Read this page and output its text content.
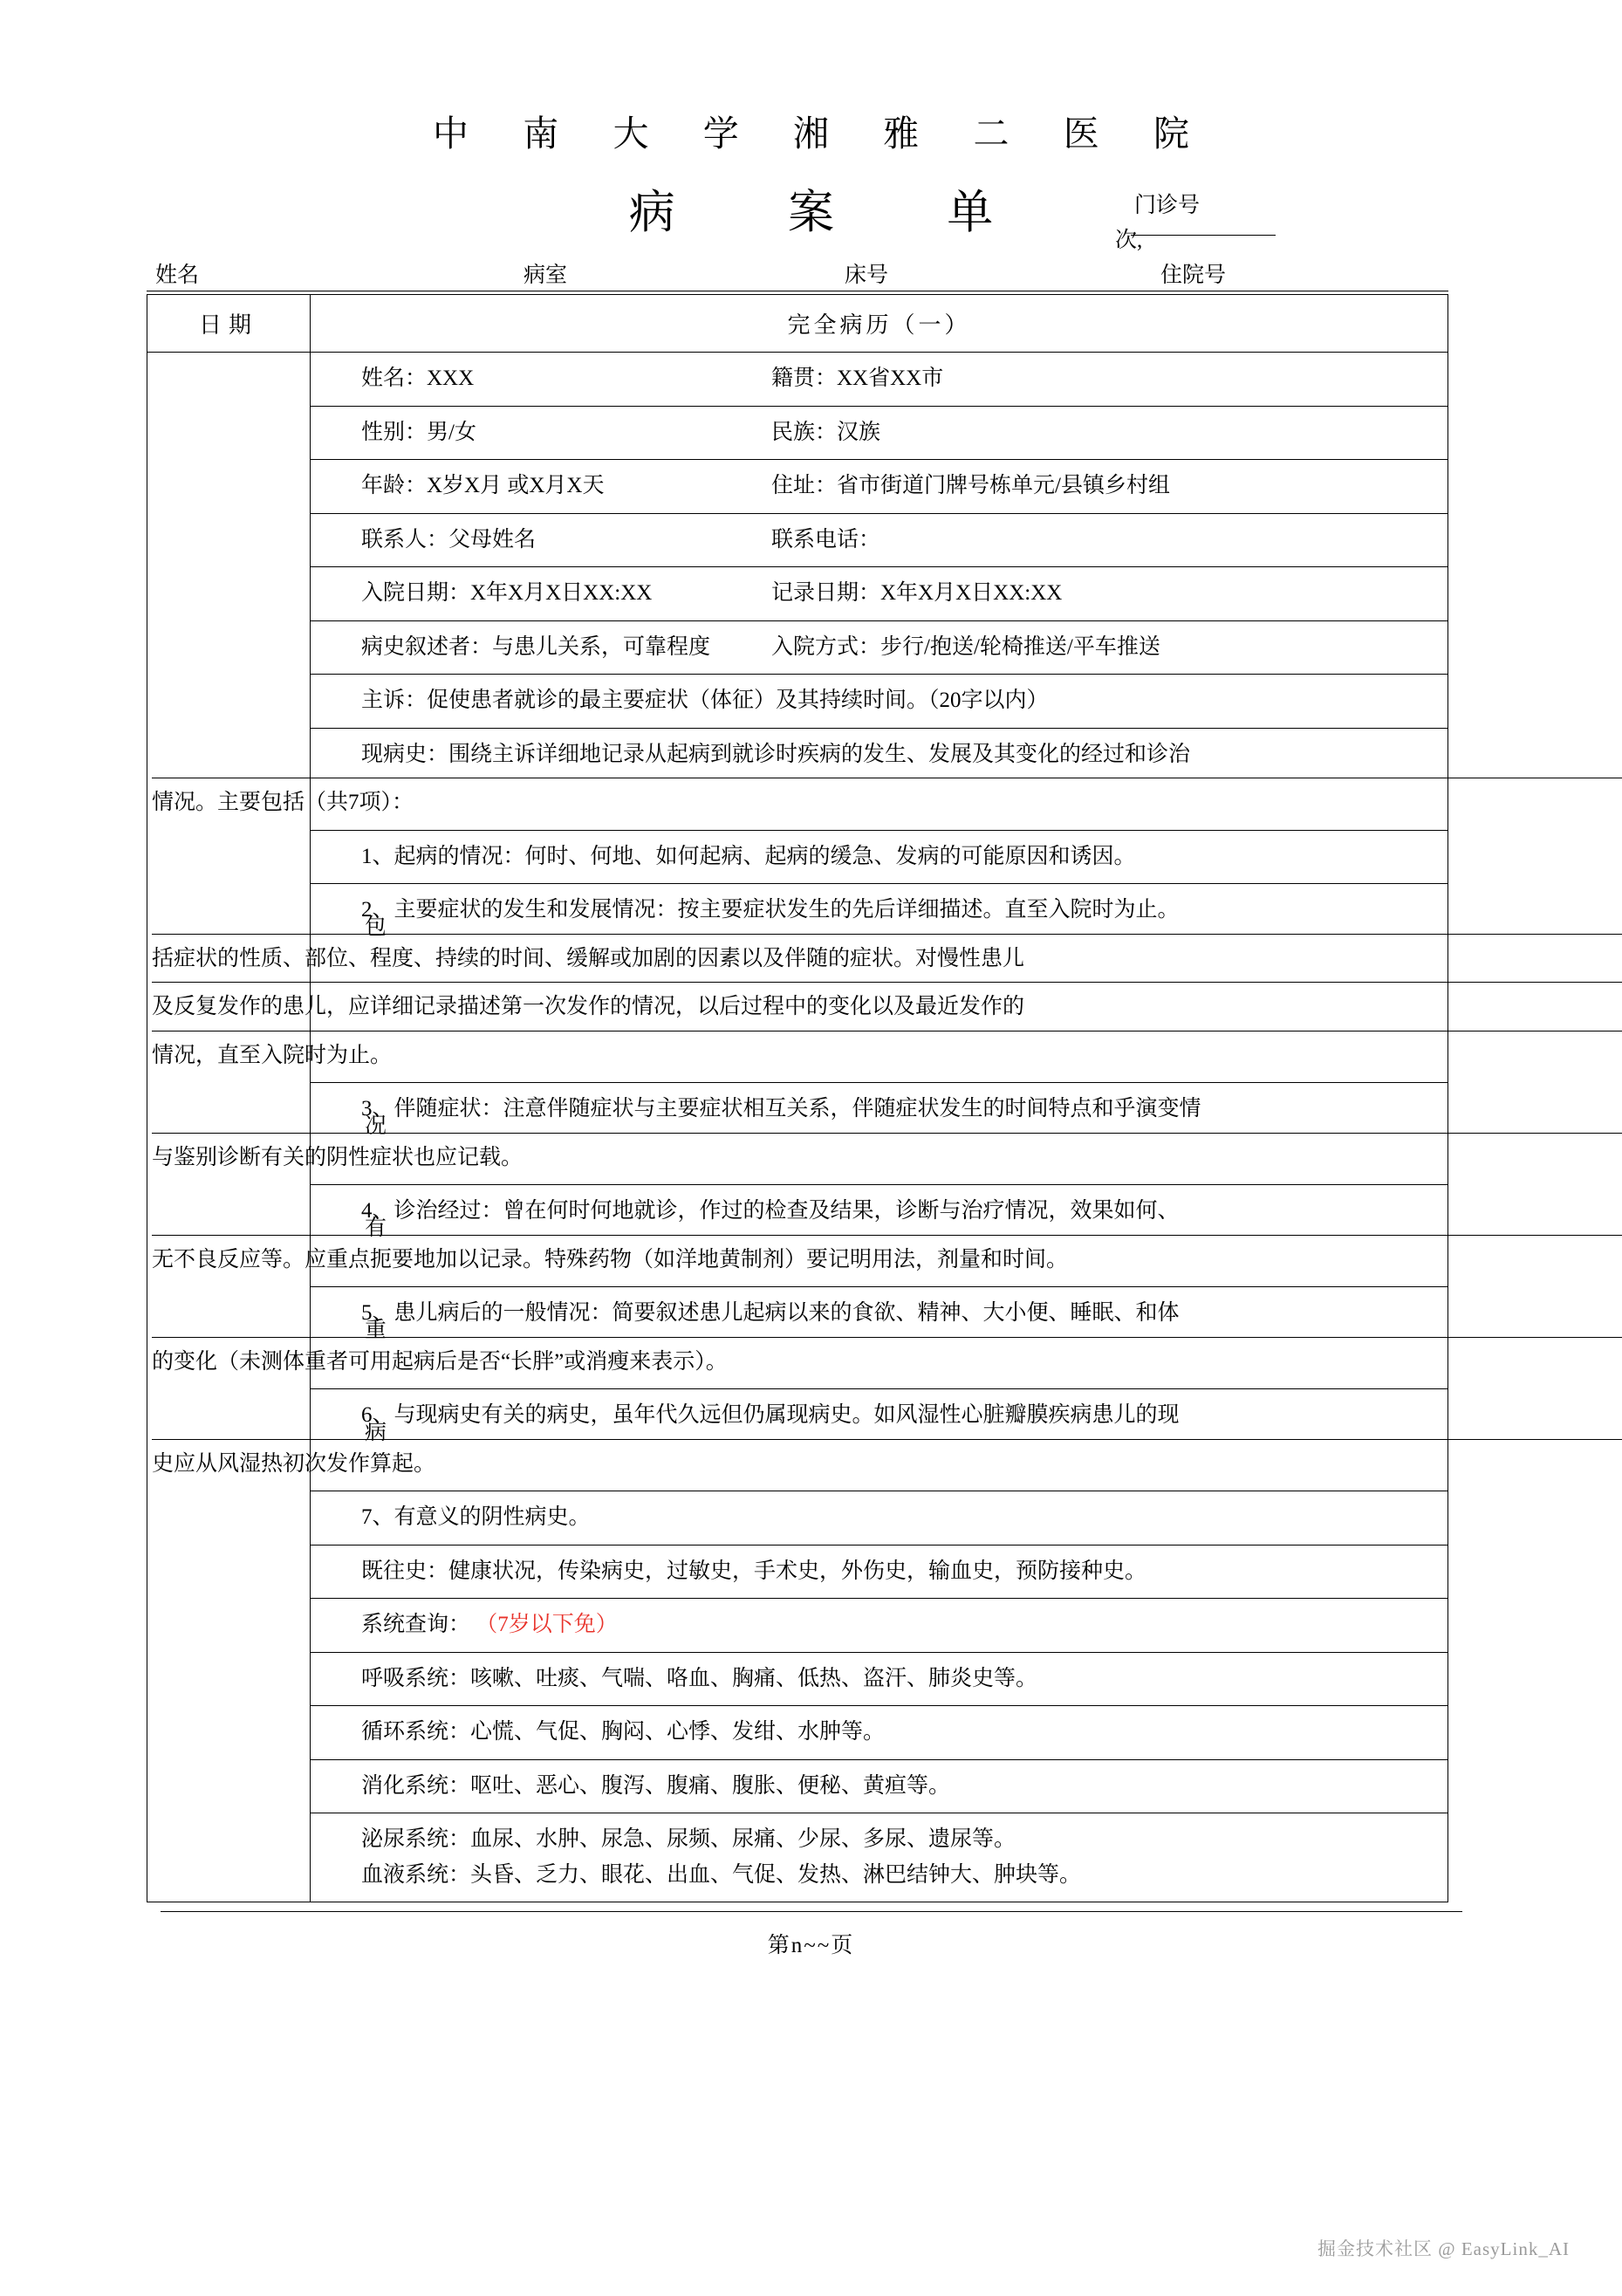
中 南 大 学 湘 雅 二 医 院
病 案 单	门诊号
次,
姓名	病室	床号	住院号
日期	完全病历（一）

姓名：XXX	籍贯：XX省XX市
性别：男/女	民族：汉族
年龄：X岁X月 或X月X天	住址：省市街道门牌号栋单元/县镇乡村组
联系人：父母姓名	联系电话：
入院日期：X年X月X日XX:XX	记录日期：X年X月X日XX:XX
病史叙述者：与患儿关系，可靠程度	入院方式：步行/抱送/轮椅推送/平车推送
主诉：促使患者就诊的最主要症状（体征）及其持续时间。（20字以内）
现病史：围绕主诉详细地记录从起病到就诊时疾病的发生、发展及其变化的经过和诊治
情况。主要包括（共7项）：
1、起病的情况：何时、何地、如何起病、起病的缓急、发病的可能原因和诱因。
2、主要症状的发生和发展情况：按主要症状发生的先后详细描述。直至入院时为止。
括症状的性质、部位、程度、持续的时间、缓解或加剧的因素以及伴随的症状。对慢性患儿
包
及反复发作的患儿，应详细记录描述第一次发作的情况，以后过程中的变化以及最近发作的
情况，直至入院时为止。
3、伴随症状：注意伴随症状与主要症状相互关系，伴随症状发生的时间特点和乎演变情
与鉴别诊断有关的阴性症状也应记载。
况
4、诊治经过：曾在何时何地就诊，作过的检查及结果，诊断与治疗情况，效果如何、
无不良反应等。应重点扼要地加以记录。特殊药物（如洋地黄制剂）要记明用法，剂量和时间。
有
5、患儿病后的一般情况：简要叙述患儿起病以来的食欲、精神、大小便、睡眠、和体
的变化（未测体重者可用起病后是否“长胖”或消瘦来表示）。
重
6、与现病史有关的病史，虽年代久远但仍属现病史。如风湿性心脏瓣膜疾病患儿的现
史应从风湿热初次发作算起。
病
7、有意义的阴性病史。
既往史：健康状况，传染病史，过敏史，手术史，外伤史，输血史，预防接种史。
系统查询： （7岁以下免）
呼吸系统：咳嗽、吐痰、气喘、咯血、胸痛、低热、盗汗、肺炎史等。
循环系统：心慌、气促、胸闷、心悸、发绀、水肿等。
消化系统：呕吐、恶心、腹泻、腹痛、腹胀、便秘、黄疸等。
泌尿系统：血尿、水肿、尿急、尿频、尿痛、少尿、多尿、遗尿等。
血液系统：头昏、乏力、眼花、出血、气促、发热、淋巴结钟大、肿块等。
第n~~页
掘金技术社区 @ EasyLink_AI
